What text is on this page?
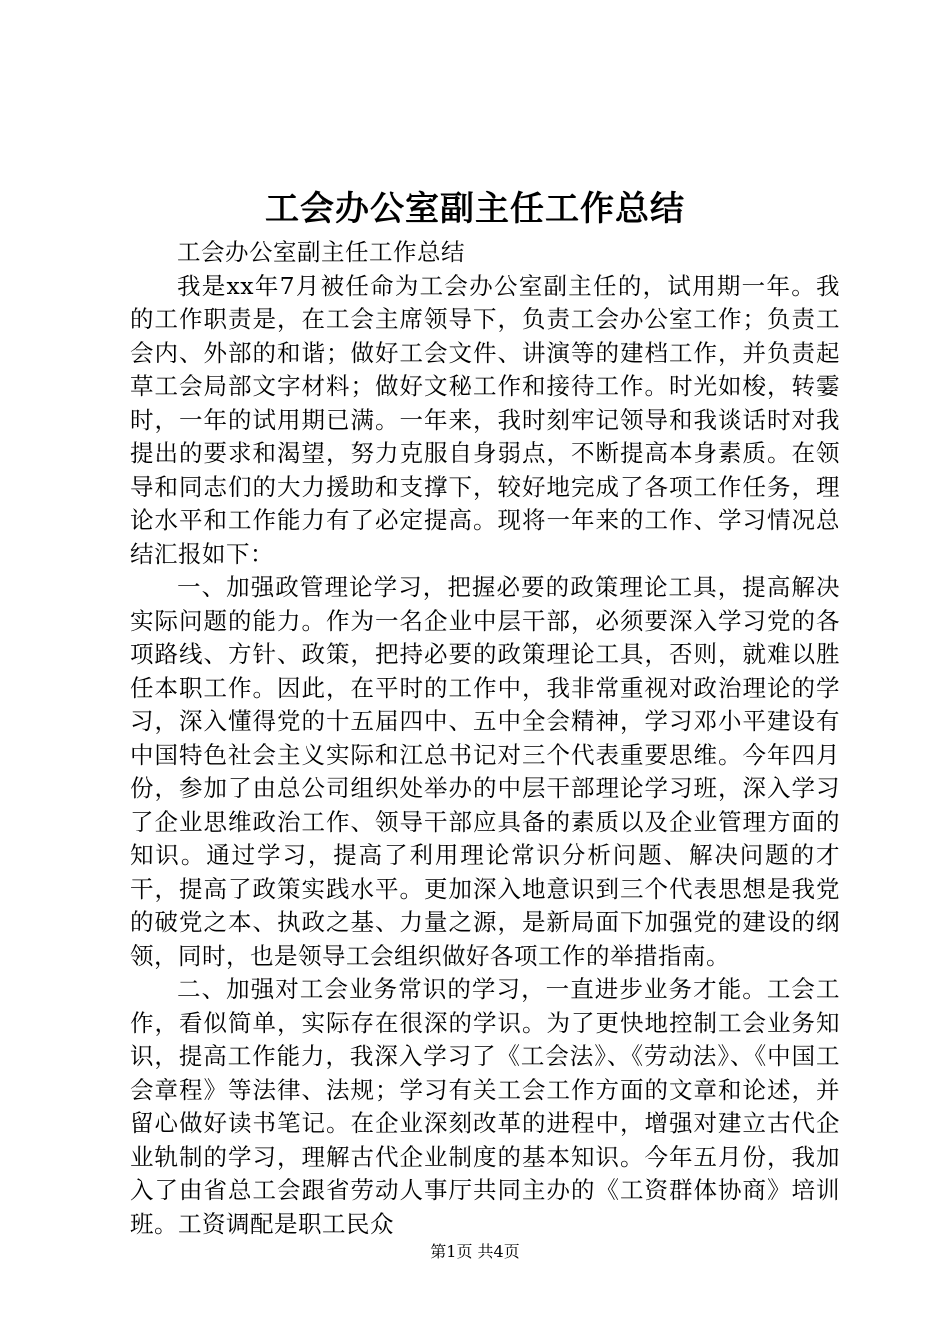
工会办公室副主任工作总结

工会办公室副主任工作总结

我是xx年7月被任命为工会办公室副主任的，试用期一年。我的工作职责是，在工会主席领导下，负责工会办公室工作；负责工会内、外部的和谐；做好工会文件、讲演等的建档工作，并负责起草工会局部文字材料；做好文秘工作和接待工作。时光如梭，转霎时，一年的试用期已满。一年来，我时刻牢记领导和我谈话时对我提出的要求和渴望，努力克服自身弱点，不断提高本身素质。在领导和同志们的大力援助和支撑下，较好地完成了各项工作任务，理论水平和工作能力有了必定提高。现将一年来的工作、学习情况总结汇报如下：

一、加强政管理论学习，把握必要的政策理论工具，提高解决实际问题的能力。作为一名企业中层干部，必须要深入学习党的各项路线、方针、政策，把持必要的政策理论工具，否则，就难以胜任本职工作。因此，在平时的工作中，我非常重视对政治理论的学习，深入懂得党的十五届四中、五中全会精神，学习邓小平建设有中国特色社会主义实际和江总书记对三个代表重要思维。今年四月份，参加了由总公司组织处举办的中层干部理论学习班，深入学习了企业思维政治工作、领导干部应具备的素质以及企业管理方面的知识。通过学习，提高了利用理论常识分析问题、解决问题的才干，提高了政策实践水平。更加深入地意识到三个代表思想是我党的破党之本、执政之基、力量之源，是新局面下加强党的建设的纲领，同时，也是领导工会组织做好各项工作的举措指南。

二、加强对工会业务常识的学习，一直进步业务才能。工会工作，看似简单，实际存在很深的学识。为了更快地控制工会业务知识，提高工作能力，我深入学习了《工会法》、《劳动法》、《中国工会章程》等法律、法规；学习有关工会工作方面的文章和论述，并留心做好读书笔记。在企业深刻改革的进程中，增强对建立古代企业轨制的学习，理解古代企业制度的基本知识。今年五月份，我加入了由省总工会跟省劳动人事厅共同主办的《工资群体协商》培训班。工资调配是职工民众

第1页 共4页
